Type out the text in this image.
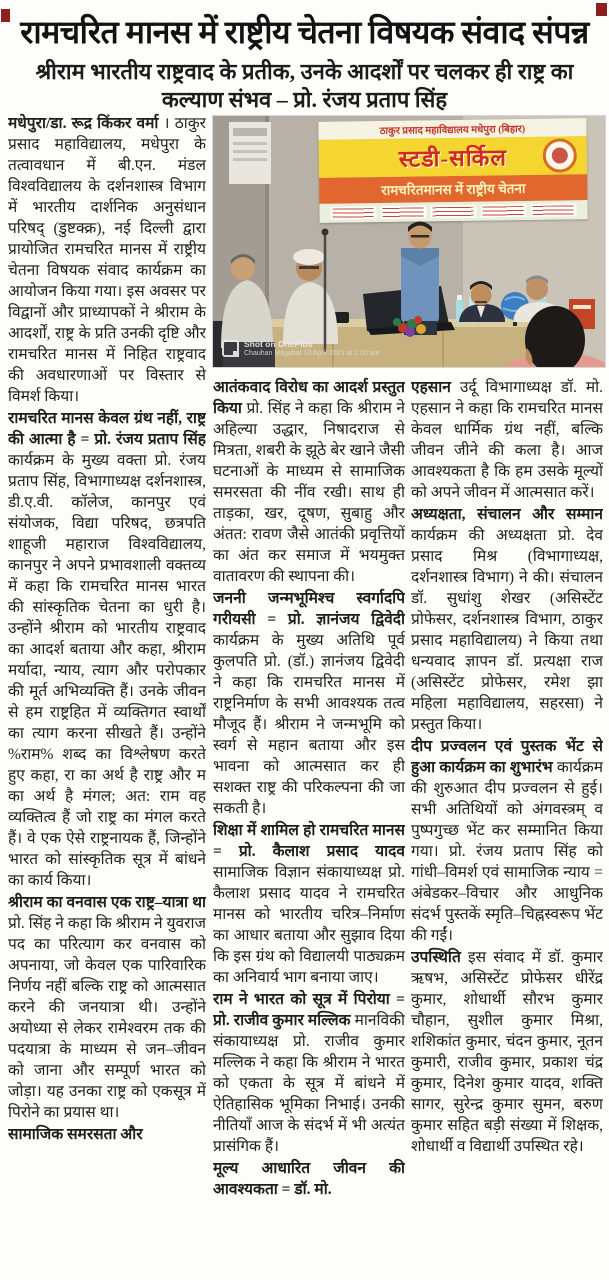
रामचरित मानस में राष्ट्रीय चेतना विषयक संवाद संपन्न
श्रीराम भारतीय राष्ट्रवाद के प्रतीक, उनके आदर्शों पर चलकर ही राष्ट्र का कल्याण संभव – प्रो. रंजय प्रताप सिंह

मधेपुरा/डा. रूद्र किंकर वर्मा । ठाकुर प्रसाद महाविद्यालय, मधेपुरा के तत्वावधान में बी.एन. मंडल विश्वविद्यालय के दर्शनशास्त्र विभाग में भारतीय दार्शनिक अनुसंधान परिषद् (डुष्टक्क्र), नई दिल्ली द्वारा प्रायोजित रामचरित मानस में राष्ट्रीय चेतना विषयक संवाद कार्यक्रम का आयोजन किया गया। इस अवसर पर विद्वानों और प्राध्यापकों ने श्रीराम के आदर्शों, राष्ट्र के प्रति उनकी दृष्टि और रामचरित मानस में निहित राष्ट्रवाद की अवधारणाओं पर विस्तार से विमर्श किया।

रामचरित मानस केवल ग्रंथ नहीं, राष्ट्र की आत्मा है = प्रो. रंजय प्रताप सिंह कार्यक्रम के मुख्य वक्ता प्रो. रंजय प्रताप सिंह, विभागाध्यक्ष दर्शनशास्त्र, डी.ए.वी. कॉलेज, कानपुर एवं संयोजक, विद्या परिषद, छत्रपति शाहूजी महाराज विश्वविद्यालय, कानपुर ने अपने प्रभावशाली वक्तव्य में कहा कि रामचरित मानस भारत की सांस्कृतिक चेतना का धुरी है। उन्होंने श्रीराम को भारतीय राष्ट्रवाद का आदर्श बताया और कहा, श्रीराम मर्यादा, न्याय, त्याग और परोपकार की मूर्त अभिव्यक्ति हैं। उनके जीवन से हम राष्ट्रहित में व्यक्तिगत स्वार्थों का त्याग करना सीखते हैं। उन्होंने %राम% शब्द का विश्लेषण करते हुए कहा, रा का अर्थ है राष्ट्र और म का अर्थ है मंगल; अत: राम वह व्यक्तित्व हैं जो राष्ट्र का मंगल करते हैं। वे एक ऐसे राष्ट्रनायक हैं, जिन्होंने भारत को सांस्कृतिक सूत्र में बांधने का कार्य किया।

श्रीराम का वनवास एक राष्ट्र–यात्रा था प्रो. सिंह ने कहा कि श्रीराम ने युवराज पद का परित्याग कर वनवास को अपनाया, जो केवल एक पारिवारिक निर्णय नहीं बल्कि राष्ट्र को आत्मसात करने की जनयात्रा थी। उन्होंने अयोध्या से लेकर रामेश्वरम तक की पदयात्रा के माध्यम से जन–जीवन को जाना और सम्पूर्ण भारत को जोड़ा। यह उनका राष्ट्र को एकसूत्र में पिरोने का प्रयास था।

सामाजिक समरसता और

ठाकुर प्रसाद महाविद्यालय मधेपुरा (बिहार)
स्टडी-सर्किल
रामचरितमानस में राष्ट्रीय चेतना
Shot on OnePlus
Chauhan Magahat 10 April 2025 at 1:00 am

आतंकवाद विरोध का आदर्श प्रस्तुत किया प्रो. सिंह ने कहा कि श्रीराम ने अहिल्या उद्धार, निषादराज से मित्रता, शबरी के झूठे बेर खाने जैसी घटनाओं के माध्यम से सामाजिक समरसता की नींव रखी। साथ ही ताड़का, खर, दूषण, सुबाहु और अंतत: रावण जैसे आतंकी प्रवृत्तियों का अंत कर समाज में भयमुक्त वातावरण की स्थापना की।

जननी जन्मभूमिश्च स्वर्गादपि गरीयसी = प्रो. ज्ञानंजय द्विवेदी कार्यक्रम के मुख्य अतिथि पूर्व कुलपति प्रो. (डॉ.) ज्ञानंजय द्विवेदी ने कहा कि रामचरित मानस में राष्ट्रनिर्माण के सभी आवश्यक तत्व मौजूद हैं। श्रीराम ने जन्मभूमि को स्वर्ग से महान बताया और इस भावना को आत्मसात कर ही सशक्त राष्ट्र की परिकल्पना की जा सकती है।

शिक्षा में शामिल हो रामचरित मानस = प्रो. कैलाश प्रसाद यादव सामाजिक विज्ञान संकायाध्यक्ष प्रो. कैलाश प्रसाद यादव ने रामचरित मानस को भारतीय चरित्र–निर्माण का आधार बताया और सुझाव दिया कि इस ग्रंथ को विद्यालयी पाठ्यक्रम का अनिवार्य भाग बनाया जाए।

राम ने भारत को सूत्र में पिरोया = प्रो. राजीव कुमार मल्लिक मानविकी संकायाध्यक्ष प्रो. राजीव कुमार मल्लिक ने कहा कि श्रीराम ने भारत को एकता के सूत्र में बांधने में ऐतिहासिक भूमिका निभाई। उनकी नीतियाँ आज के संदर्भ में भी अत्यंत प्रासंगिक हैं।

मूल्य आधारित जीवन की आवश्यकता = डॉ. मो.

एहसान उर्दू विभागाध्यक्ष डॉ. मो. एहसान ने कहा कि रामचरित मानस केवल धार्मिक ग्रंथ नहीं, बल्कि जीवन जीने की कला है। आज आवश्यकता है कि हम उसके मूल्यों को अपने जीवन में आत्मसात करें।

अध्यक्षता, संचालन और सम्मान कार्यक्रम की अध्यक्षता प्रो. देव प्रसाद मिश्र (विभागाध्यक्ष, दर्शनशास्त्र विभाग) ने की। संचालन डॉ. सुधांशु शेखर (असिस्टेंट प्रोफेसर, दर्शनशास्त्र विभाग, ठाकुर प्रसाद महाविद्यालय) ने किया तथा धन्यवाद ज्ञापन डॉ. प्रत्यक्षा राज (असिस्टेंट प्रोफेसर, रमेश झा महिला महाविद्यालय, सहरसा) ने प्रस्तुत किया।

दीप प्रज्वलन एवं पुस्तक भेंट से हुआ कार्यक्रम का शुभारंभ कार्यक्रम की शुरुआत दीप प्रज्वलन से हुई। सभी अतिथियों को अंगवस्त्रम् व पुष्पगुच्छ भेंट कर सम्मानित किया गया। प्रो. रंजय प्रताप सिंह को गांधी–विमर्श एवं सामाजिक न्याय = अंबेडकर–विचार और आधुनिक संदर्भ पुस्तकें स्मृति–चिह्नस्वरूप भेंट की गईं।

उपस्थिति इस संवाद में डॉ. कुमार ऋषभ, असिस्टेंट प्रोफेसर धीरेंद्र कुमार, शोधार्थी सौरभ कुमार चौहान, सुशील कुमार मिश्रा, शशिकांत कुमार, चंदन कुमार, नूतन कुमारी, राजीव कुमार, प्रकाश चंद्र कुमार, दिनेश कुमार यादव, शक्ति सागर, सुरेन्द्र कुमार सुमन, बरुण कुमार सहित बड़ी संख्या में शिक्षक, शोधार्थी व विद्यार्थी उपस्थित रहे।
